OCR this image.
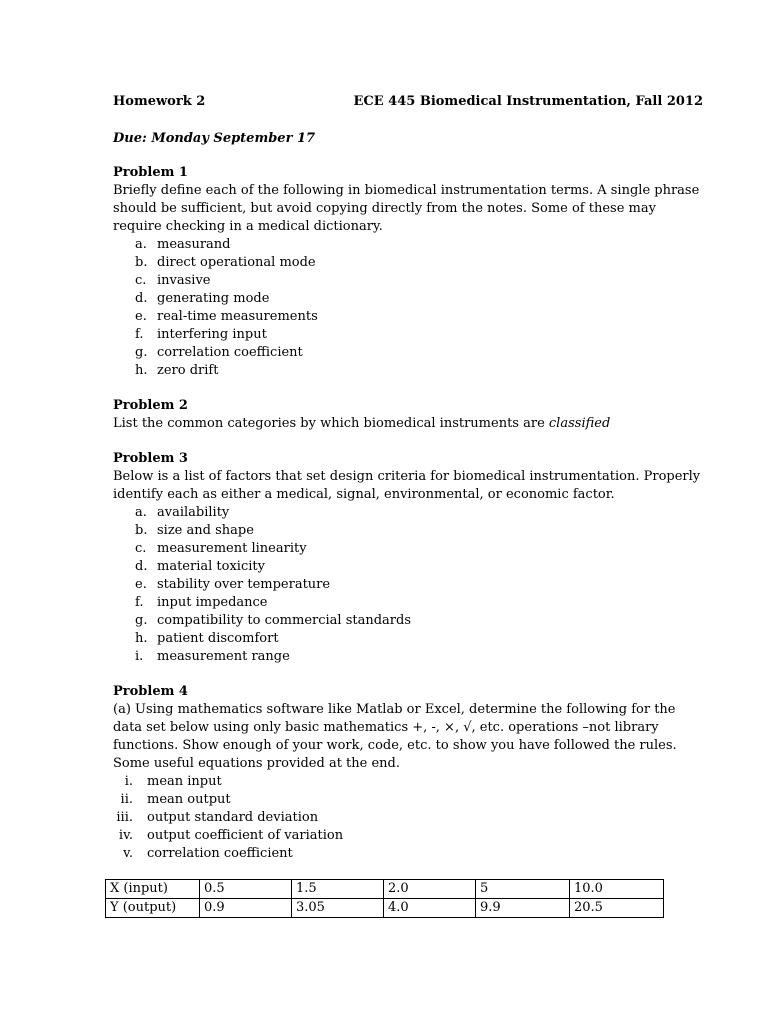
Homework 2	ECE 445 Biomedical Instrumentation, Fall 2012
Due: Monday September 17

Problem 1

Briefly define each of the following in biomedical instrumentation terms. A single phrase

should be sufficient, but avoid copying directly from the notes. Some of these may

require checking in a medical dictionary.

a. measurand
b. direct operational mode
c. invasive
d. generating mode
e. real-time measurements
f. interfering input
g. correlation coefficient
h. zero drift

Problem 2

List the common categories by which biomedical instruments are classified

Problem 3

Below is a list of factors that set design criteria for biomedical instrumentation. Properly

identify each as either a medical, signal, environmental, or economic factor.

a. availability
b. size and shape
c. measurement linearity
d. material toxicity
e. stability over temperature
f. input impedance
g. compatibility to commercial standards
h. patient discomfort
i. measurement range

Problem 4

(a) Using mathematics software like Matlab or Excel, determine the following for the

data set below using only basic mathematics +, -, ×, √, etc. operations –not library

functions. Show enough of your work, code, etc. to show you have followed the rules.

Some useful equations provided at the end.

i. mean input
ii. mean output
iii. output standard deviation
iv. output coefficient of variation
v. correlation coefficient
X (input)	0.5	1.5	2.0	5	10.0
Y (output)	0.9	3.05	4.0	9.9	20.5
